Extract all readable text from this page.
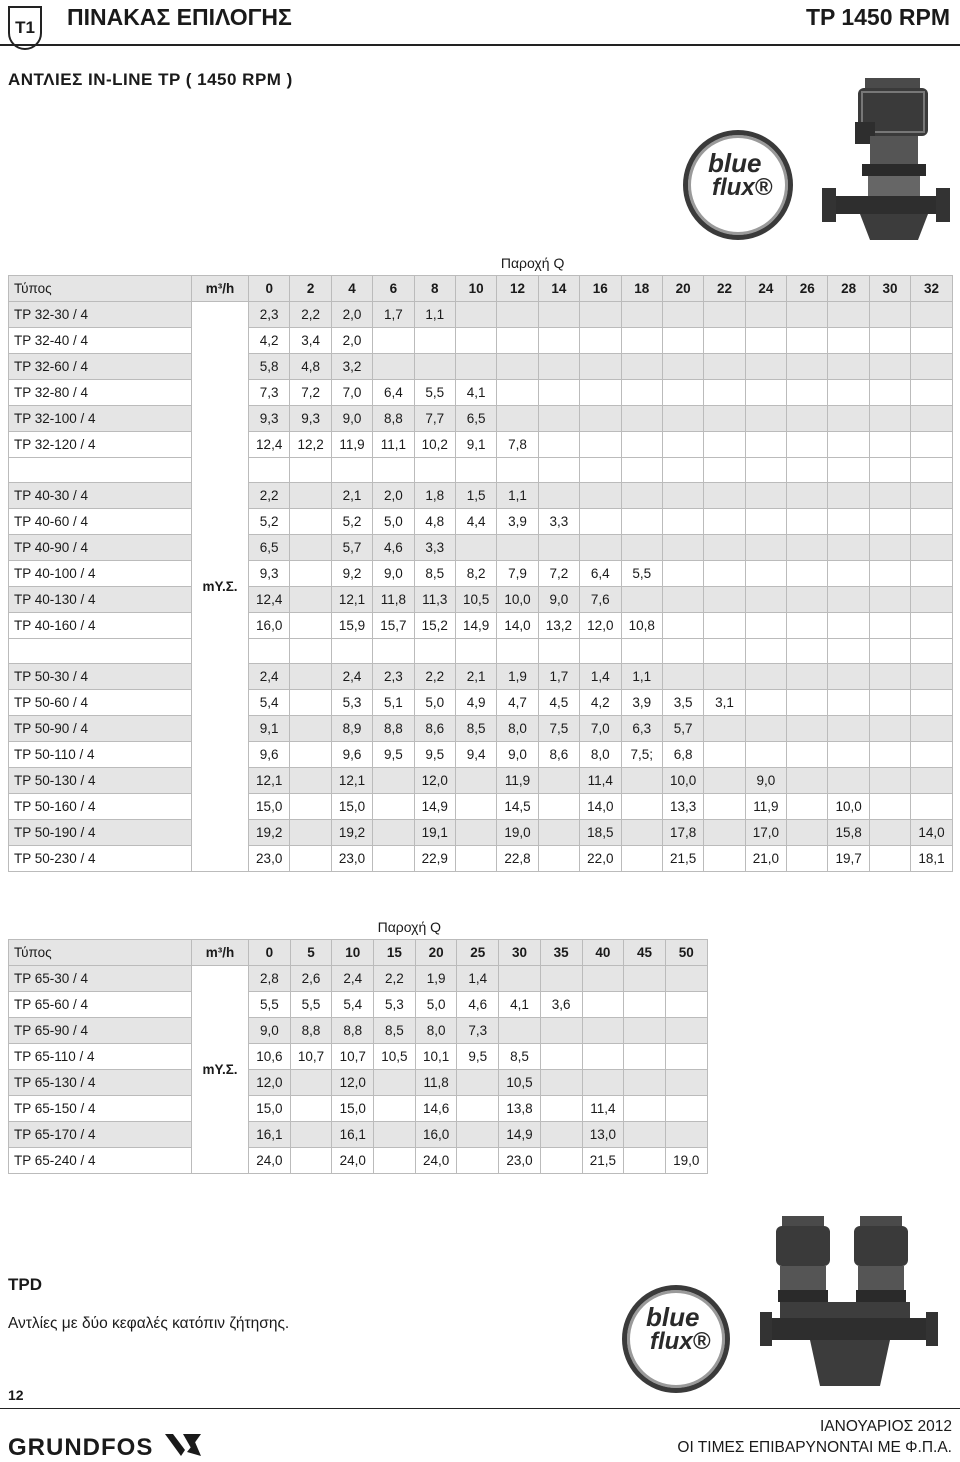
T1	ΠΙΝΑΚΑΣ ΕΠΙΛΟΓΗΣ	TP 1450 RPM
ΑΝΤΛΙΕΣ IN-LINE TP ( 1450 RPM )
blue
flux®
								Παροχή Q										
Τύπος	m³/h	0	2	4	6	8	10	12	14	16	18	20	22	24	26	28	30	32
TP 32-30 / 4	mY.Σ.	2,3	2,2	2,0	1,7	1,1												
TP 32-40 / 4		4,2	3,4	2,0														
TP 32-60 / 4		5,8	4,8	3,2														
TP 32-80 / 4		7,3	7,2	7,0	6,4	5,5	4,1											
TP 32-100 / 4		9,3	9,3	9,0	8,8	7,7	6,5											
TP 32-120 / 4		12,4	12,2	11,9	11,1	10,2	9,1	7,8										

TP 40-30 / 4		2,2		2,1	2,0	1,8	1,5	1,1										
TP 40-60 / 4		5,2		5,2	5,0	4,8	4,4	3,9	3,3									
TP 40-90 / 4		6,5		5,7	4,6	3,3												
TP 40-100 / 4		9,3		9,2	9,0	8,5	8,2	7,9	7,2	6,4	5,5							
TP 40-130 / 4		12,4		12,1	11,8	11,3	10,5	10,0	9,0	7,6								
TP 40-160 / 4		16,0		15,9	15,7	15,2	14,9	14,0	13,2	12,0	10,8							

TP 50-30 / 4		2,4		2,4	2,3	2,2	2,1	1,9	1,7	1,4	1,1							
TP 50-60 / 4		5,4		5,3	5,1	5,0	4,9	4,7	4,5	4,2	3,9	3,5	3,1					
TP 50-90 / 4		9,1		8,9	8,8	8,6	8,5	8,0	7,5	7,0	6,3	5,7						
TP 50-110 / 4		9,6		9,6	9,5	9,5	9,4	9,0	8,6	8,0	7,5;	6,8						
TP 50-130 / 4		12,1		12,1		12,0		11,9		11,4		10,0		9,0				
TP 50-160 / 4		15,0		15,0		14,9		14,5		14,0		13,3		11,9		10,0		
TP 50-190 / 4		19,2		19,2		19,1		19,0		18,5		17,8		17,0		15,8		14,0
TP 50-230 / 4		23,0		23,0		22,9		22,8		22,0		21,5		21,0		19,7		18,1
					Παροχή Q							
Τύπος	m³/h	0	5	10	15	20	25	30	35	40	45	50
TP 65-30 / 4	mY.Σ.	2,8	2,6	2,4	2,2	1,9	1,4					
TP 65-60 / 4		5,5	5,5	5,4	5,3	5,0	4,6	4,1	3,6			
TP 65-90 / 4		9,0	8,8	8,8	8,5	8,0	7,3					
TP 65-110 / 4		10,6	10,7	10,7	10,5	10,1	9,5	8,5				
TP 65-130 / 4		12,0		12,0		11,8		10,5				
TP 65-150 / 4		15,0		15,0		14,6		13,8		11,4		
TP 65-170 / 4		16,1		16,1		16,0		14,9		13,0		
TP 65-240 / 4		24,0		24,0		24,0		23,0		21,5		19,0
blue
flux®
TPD
Αντλίες με δύο κεφαλές κατόπιν ζήτησης.
12
GRUNDFOS
ΙΑΝΟΥΑΡΙΟΣ 2012
ΟΙ ΤΙΜΕΣ ΕΠΙΒΑΡΥΝΟΝΤΑΙ ΜΕ Φ.Π.Α.
